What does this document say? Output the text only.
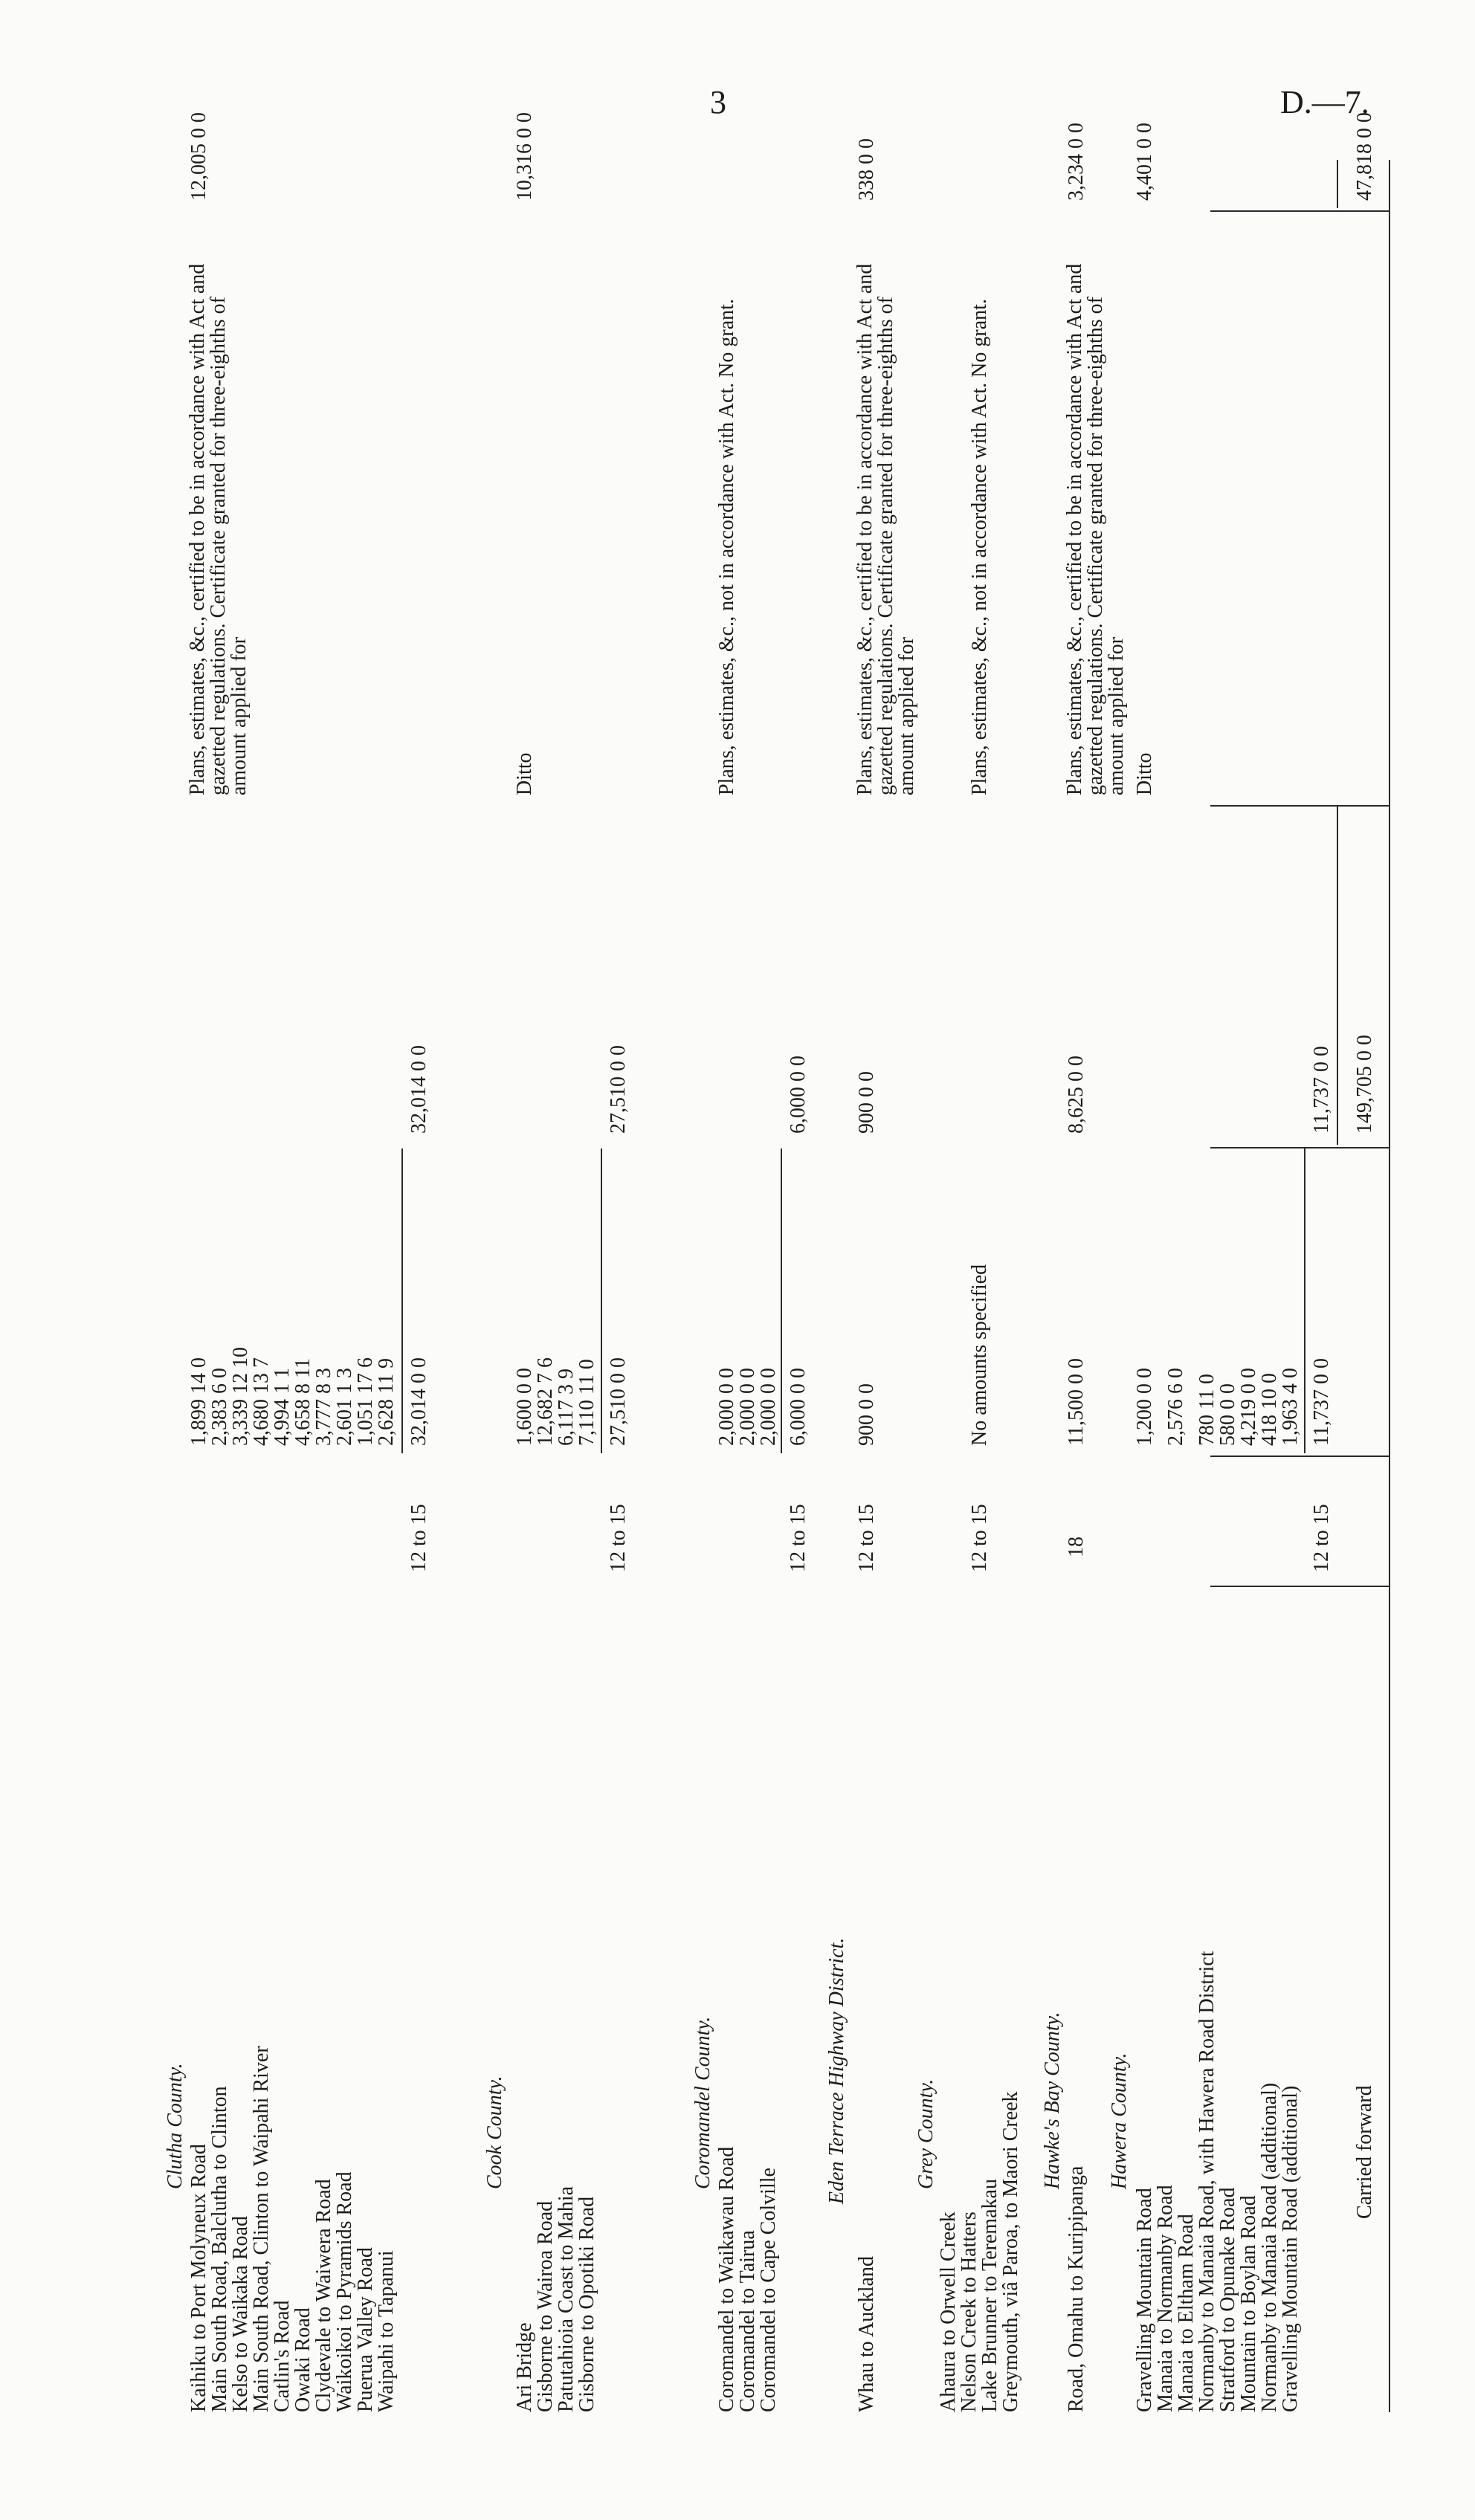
3	D.—7.
Clutha County.
Kaihiku to Port Molyneux Road
Main South Road, Balclutha to Clinton
Kelso to Waikaka Road
Main South Road, Clinton to Waipahi River
Catlin's Road
Owaki Road
Clydevale to Waiwera Road
Waikoikoi to Pyramids Road
Puerua Valley Road
Waipahi to Tapanui
1,899 14 0
2,383 6 0
3,339 12 10
4,680 13 7
4,994 1 1
4,658 8 11
3,777 8 3
2,601 1 3
1,051 17 6
2,628 11 9
12 to 15
32,014 0 0
32,014 0 0
Plans, estimates, &c., certified to be in accordance with Act and gazetted regulations. Certificate granted for three-eighths of amount applied for
12,005 0 0
Cook County.
Ari Bridge
Gisborne to Wairoa Road
Patutahioia Coast to Mahia
Gisborne to Opotiki Road
1,600 0 0
12,682 7 6
6,117 3 9
7,110 11 0
12 to 15
27,510 0 0
27,510 0 0
Ditto
10,316 0 0
Coromandel County.
Coromandel to Waikawau Road
Coromandel to Tairua
Coromandel to Cape Colville
2,000 0 0
2,000 0 0
2,000 0 0
12 to 15
6,000 0 0
6,000 0 0
Plans, estimates, &c., not in accordance with Act. No grant.
Eden Terrace Highway District.
Whau to Auckland
12 to 15
900 0 0
900 0 0
Plans, estimates, &c., certified to be in accordance with Act and gazetted regulations. Certificate granted for three-eighths of amount applied for
338 0 0
Grey County.
Ahaura to Orwell Creek
Nelson Creek to Hatters
Lake Brunner to Teremakau
Greymouth, viâ Paroa, to Maori Creek
12 to 15
No amounts specified
Plans, estimates, &c., not in accordance with Act. No grant.
Hawke's Bay County.
Road, Omahu to Kuripipanga
18
11,500 0 0
8,625 0 0
Plans, estimates, &c., certified to be in accordance with Act and gazetted regulations. Certificate granted for three-eighths of amount applied for
3,234 0 0
Hawera County.
Gravelling Mountain Road
Manaia to Normanby Road
Manaia to Eltham Road
Normanby to Manaia Road, with Hawera Road District
Stratford to Opunake Road
Mountain to Boylan Road
Normanby to Manaia Road (additional)
Gravelling Mountain Road (additional)
1,200 0 0 2,576 6 0 780 11 0
580 0 0
4,219 0 0
418 10 0
1,963 4 0
12 to 15
11,737 0 0
11,737 0 0
Ditto
4,401 0 0
Carried forward
149,705 0 0
47,818 0 0
